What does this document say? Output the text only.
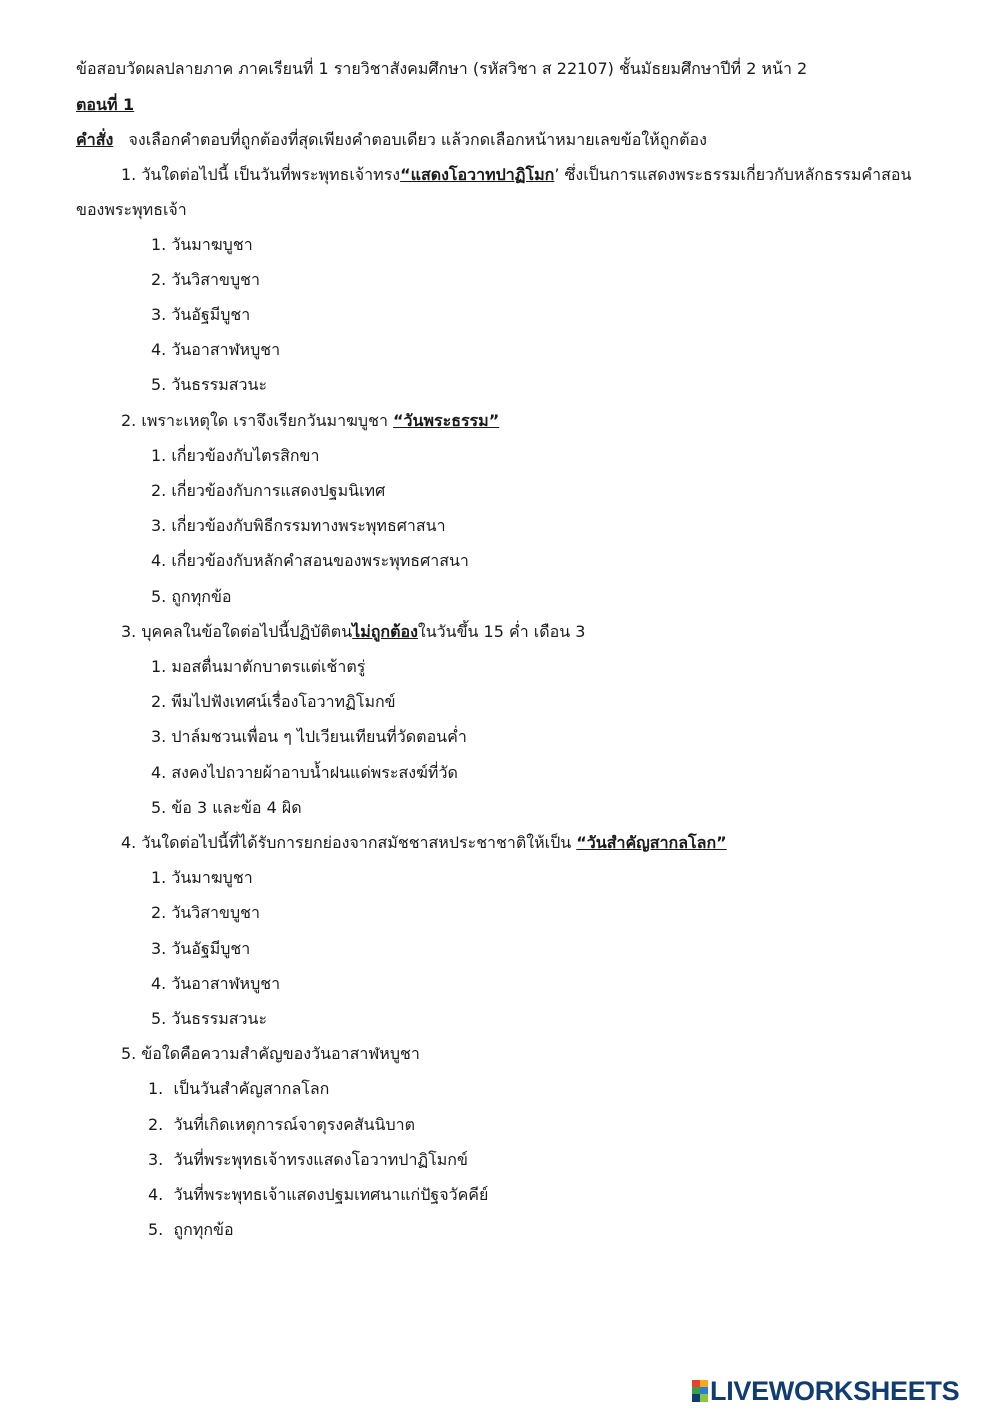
ข้อสอบวัดผลปลายภาค ภาคเรียนที่ 1 รายวิชาสังคมศึกษา (รหัสวิชา ส 22107) ชั้นมัธยมศึกษาปีที่ 2 หน้า 2
ตอนที่ 1
คำสั่ง   จงเลือกคำตอบที่ถูกต้องที่สุดเพียงคำตอบเดียว แล้วกดเลือกหน้าหมายเลขข้อให้ถูกต้อง
1. วันใดต่อไปนี้ เป็นวันที่พระพุทธเจ้าทรง“แสดงโอวาทปาฏิโมก’ ซึ่งเป็นการแสดงพระธรรมเกี่ยวกับหลักธรรมคำสอน
ของพระพุทธเจ้า
1. วันมาฆบูชา
2. วันวิสาขบูชา
3. วันอัฐมีบูชา
4. วันอาสาฬหบูชา
5. วันธรรมสวนะ
2. เพราะเหตุใด เราจึงเรียกวันมาฆบูชา “วันพระธรรม”
1. เกี่ยวข้องกับไตรสิกขา
2. เกี่ยวข้องกับการแสดงปฐมนิเทศ
3. เกี่ยวข้องกับพิธีกรรมทางพระพุทธศาสนา
4. เกี่ยวข้องกับหลักคำสอนของพระพุทธศาสนา
5. ถูกทุกข้อ
3. บุคคลในข้อใดต่อไปนี้ปฏิบัติตนไม่ถูกต้องในวันขึ้น 15 ค่ำ เดือน 3
1. มอสตื่นมาตักบาตรแต่เช้าตรู่
2. พีมไปฟังเทศน์เรื่องโอวาทฏิโมกข์
3. ปาล์มชวนเพื่อน ๆ ไปเวียนเทียนที่วัดตอนค่ำ
4. สงคงไปถวายผ้าอาบน้ำฝนแด่พระสงฆ์ที่วัด
5. ข้อ 3 และข้อ 4 ผิด
4. วันใดต่อไปนี้ที่ได้รับการยกย่องจากสมัชชาสหประชาชาติให้เป็น “วันสำคัญสากลโลก”
1. วันมาฆบูชา
2. วันวิสาขบูชา
3. วันอัฐมีบูชา
4. วันอาสาฬหบูชา
5. วันธรรมสวนะ
5. ข้อใดคือความสำคัญของวันอาสาฬหบูชา
1.  เป็นวันสำคัญสากลโลก
2.  วันที่เกิดเหตุการณ์จาตุรงคสันนิบาต
3.  วันที่พระพุทธเจ้าทรงแสดงโอวาทปาฏิโมกข์
4.  วันที่พระพุทธเจ้าแสดงปฐมเทศนาแก่ปัฐจวัคคีย์
5.  ถูกทุกข้อ
LIVEWORKSHEETS
